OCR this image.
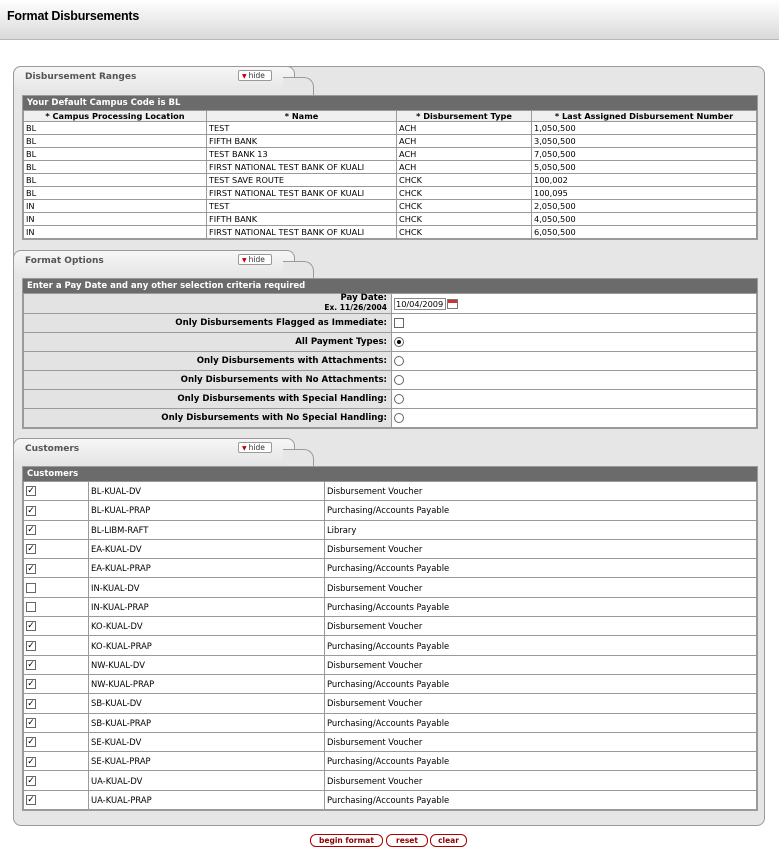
Format Disbursements
Disbursement Ranges	▼ hide
Your Default Campus Code is BL
* Campus Processing Location	* Name	* Disbursement Type	* Last Assigned Disbursement Number
BL	TEST	ACH	1,050,500
BL	FIFTH BANK	ACH	3,050,500
BL	TEST BANK 13	ACH	7,050,500
BL	FIRST NATIONAL TEST BANK OF KUALI	ACH	5,050,500
BL	TEST SAVE ROUTE	CHCK	100,002
BL	FIRST NATIONAL TEST BANK OF KUALI	CHCK	100,095
IN	TEST	CHCK	2,050,500
IN	FIFTH BANK	CHCK	4,050,500
IN	FIRST NATIONAL TEST BANK OF KUALI	CHCK	6,050,500
Format Options	▼ hide
Enter a Pay Date and any other selection criteria required
Pay Date:
Ex. 11/26/2004	10/04/2009
Only Disbursements Flagged as Immediate:	
All Payment Types:	
Only Disbursements with Attachments:	
Only Disbursements with No Attachments:	
Only Disbursements with Special Handling:	
Only Disbursements with No Special Handling:	
Customers	▼ hide
Customers
✓	BL-KUAL-DV	Disbursement Voucher
✓	BL-KUAL-PRAP	Purchasing/Accounts Payable
✓	BL-LIBM-RAFT	Library
✓	EA-KUAL-DV	Disbursement Voucher
✓	EA-KUAL-PRAP	Purchasing/Accounts Payable
	IN-KUAL-DV	Disbursement Voucher
	IN-KUAL-PRAP	Purchasing/Accounts Payable
✓	KO-KUAL-DV	Disbursement Voucher
✓	KO-KUAL-PRAP	Purchasing/Accounts Payable
✓	NW-KUAL-DV	Disbursement Voucher
✓	NW-KUAL-PRAP	Purchasing/Accounts Payable
✓	SB-KUAL-DV	Disbursement Voucher
✓	SB-KUAL-PRAP	Purchasing/Accounts Payable
✓	SE-KUAL-DV	Disbursement Voucher
✓	SE-KUAL-PRAP	Purchasing/Accounts Payable
✓	UA-KUAL-DV	Disbursement Voucher
✓	UA-KUAL-PRAP	Purchasing/Accounts Payable
begin format	reset	clear
